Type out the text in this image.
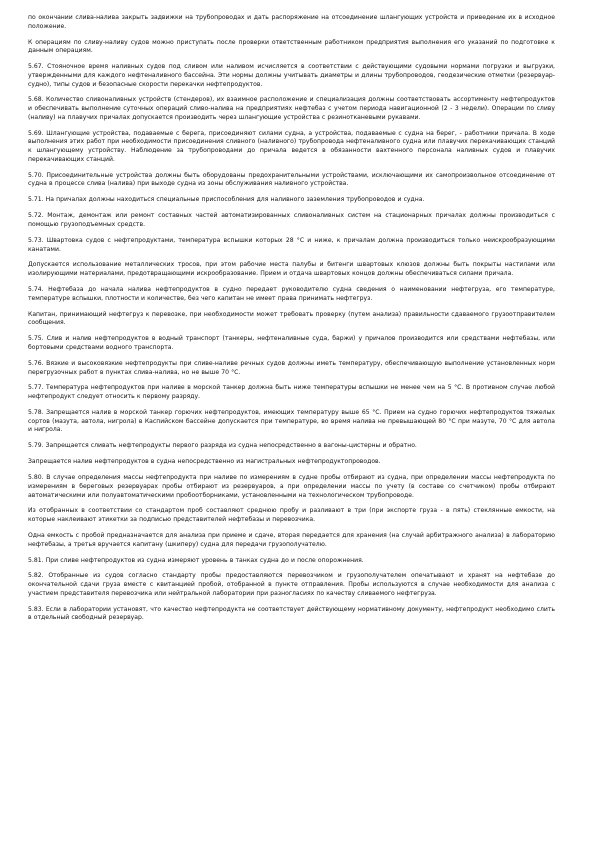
по окончании слива-налива закрыть задвижки на трубопроводах и дать распоряжение на отсоединение шлангующих устройств и приведение их в исходное положение.

К операциям по сливу-наливу судов можно приступать после проверки ответственным работником предприятия выполнения его указаний по подготовке к данным операциям.

5.67. Стояночное время наливных судов под сливом или наливом исчисляется в соответствии с действующими судовыми нормами погрузки и выгрузки, утвержденными для каждого нефтеналивного бассейна. Эти нормы должны учитывать диаметры и длины трубопроводов, геодезические отметки (резервуар-судно), типы судов и безопасные скорости перекачки нефтепродуктов.

5.68. Количество сливоналивных устройств (стендеров), их взаимное расположение и специализация должны соответствовать ассортименту нефтепродуктов и обеспечивать выполнение суточных операций сливо-налива на предприятиях нефтебаз с учетом периода навигационной (2 - 3 недели). Операции по сливу (наливу) на плавучих причалах допускается производить через шлангующие устройства с резинотканевыми рукавами.

5.69. Шлангующие устройства, подаваемые с берега, присоединяют силами судна, а устройства, подаваемые с судна на берег, - работники причала. В ходе выполнения этих работ при необходимости присоединения сливного (наливного) трубопровода нефтеналивного судна или плавучих перекачивающих станций к шлангующему устройству. Наблюдение за трубопроводами до причала ведется в обязанности вахтенного персонала наливных судов и плавучих перекачивающих станций.

5.70. Присоединительные устройства должны быть оборудованы предохранительными устройствами, исключающими их самопроизвольное отсоединение от судна в процессе слива (налива) при выходе судна из зоны обслуживания наливного устройства.

5.71. На причалах должны находиться специальные приспособления для наливного заземления трубопроводов и судна.

5.72. Монтаж, демонтаж или ремонт составных частей автоматизированных сливоналивных систем на стационарных причалах должны производиться с помощью грузоподъемных средств.

5.73. Швартовка судов с нефтепродуктами, температура вспышки которых 28 °С и ниже, к причалам должна производиться только неискрообразующими канатами.

Допускается использование металлических тросов, при этом рабочие места палубы и битенги швартовых клюзов должны быть покрыты настилами или изолирующими материалами, предотвращающими искрообразование. Прием и отдача швартовых концов должны обеспечиваться силами причала.

5.74. Нефтебаза до начала налива нефтепродуктов в судно передает руководителю судна сведения о наименовании нефтегруза, его температуре, температуре вспышки, плотности и количестве, без чего капитан не имеет права принимать нефтегруз.

Капитан, принимающий нефтегруз к перевозке, при необходимости может требовать проверку (путем анализа) правильности сдаваемого грузоотправителем сообщения.

5.75. Слив и налив нефтепродуктов в водный транспорт (танкеры, нефтеналивные суда, баржи) у причалов производится или средствами нефтебазы, или бортовыми средствами водного транспорта.

5.76. Вязкие и высоковязкие нефтепродукты при сливе-наливе речных судов должны иметь температуру, обеспечивающую выполнение установленных норм перегрузочных работ в пунктах слива-налива, но не выше 70 °С.

5.77. Температура нефтепродуктов при наливе в морской танкер должна быть ниже температуры вспышки не менее чем на 5 °С. В противном случае любой нефтепродукт следует относить к первому разряду.

5.78. Запрещается налив в морской танкер горючих нефтепродуктов, имеющих температуру выше 65 °С. Прием на судно горючих нефтепродуктов тяжелых сортов (мазута, автола, нигрола) в Каспийском бассейне допускается при температуре, во время налива не превышающей 80 °С при мазуте, 70 °С для автола и нигрола.

5.79. Запрещается сливать нефтепродукты первого разряда из судна непосредственно в вагоны-цистерны и обратно.

Запрещается налив нефтепродуктов в судна непосредственно из магистральных нефтепродуктопроводов.

5.80. В случае определения массы нефтепродукта при наливе по измерениям в судне пробы отбирают из судна, при определении массы нефтепродукта по измерениям в береговых резервуарах пробы отбирают из резервуаров, а при определении массы по учету (в составе со счетчиком) пробы отбирают автоматическими или полуавтоматическими пробоотборниками, установленными на технологическом трубопроводе.

Из отобранных в соответствии со стандартом проб составляют среднюю пробу и разливают в три (при экспорте груза - в пять) стеклянные емкости, на которые наклеивают этикетки за подписью представителей нефтебазы и перевозчика.

Одна емкость с пробой предназначается для анализа при приеме и сдаче, вторая передается для хранения (на случай арбитражного анализа) в лабораторию нефтебазы, а третья вручается капитану (шкиперу) судна для передачи грузополучателю.

5.81. При сливе нефтепродуктов из судна измеряют уровень в танках судна до и после опорожнения.

5.82. Отобранные из судов согласно стандарту пробы предоставляются перевозчиком и грузополучателем опечатывают и хранят на нефтебазе до окончательной сдачи груза вместе с квитанцией пробой, отобранной в пункте отправления. Пробы используются в случае необходимости для анализа с участием представителя перевозчика или нейтральной лаборатории при разногласиях по качеству сливаемого нефтегруза.

5.83. Если в лаборатории установят, что качество нефтепродукта не соответствует действующему нормативному документу, нефтепродукт необходимо слить в отдельный свободный резервуар.
